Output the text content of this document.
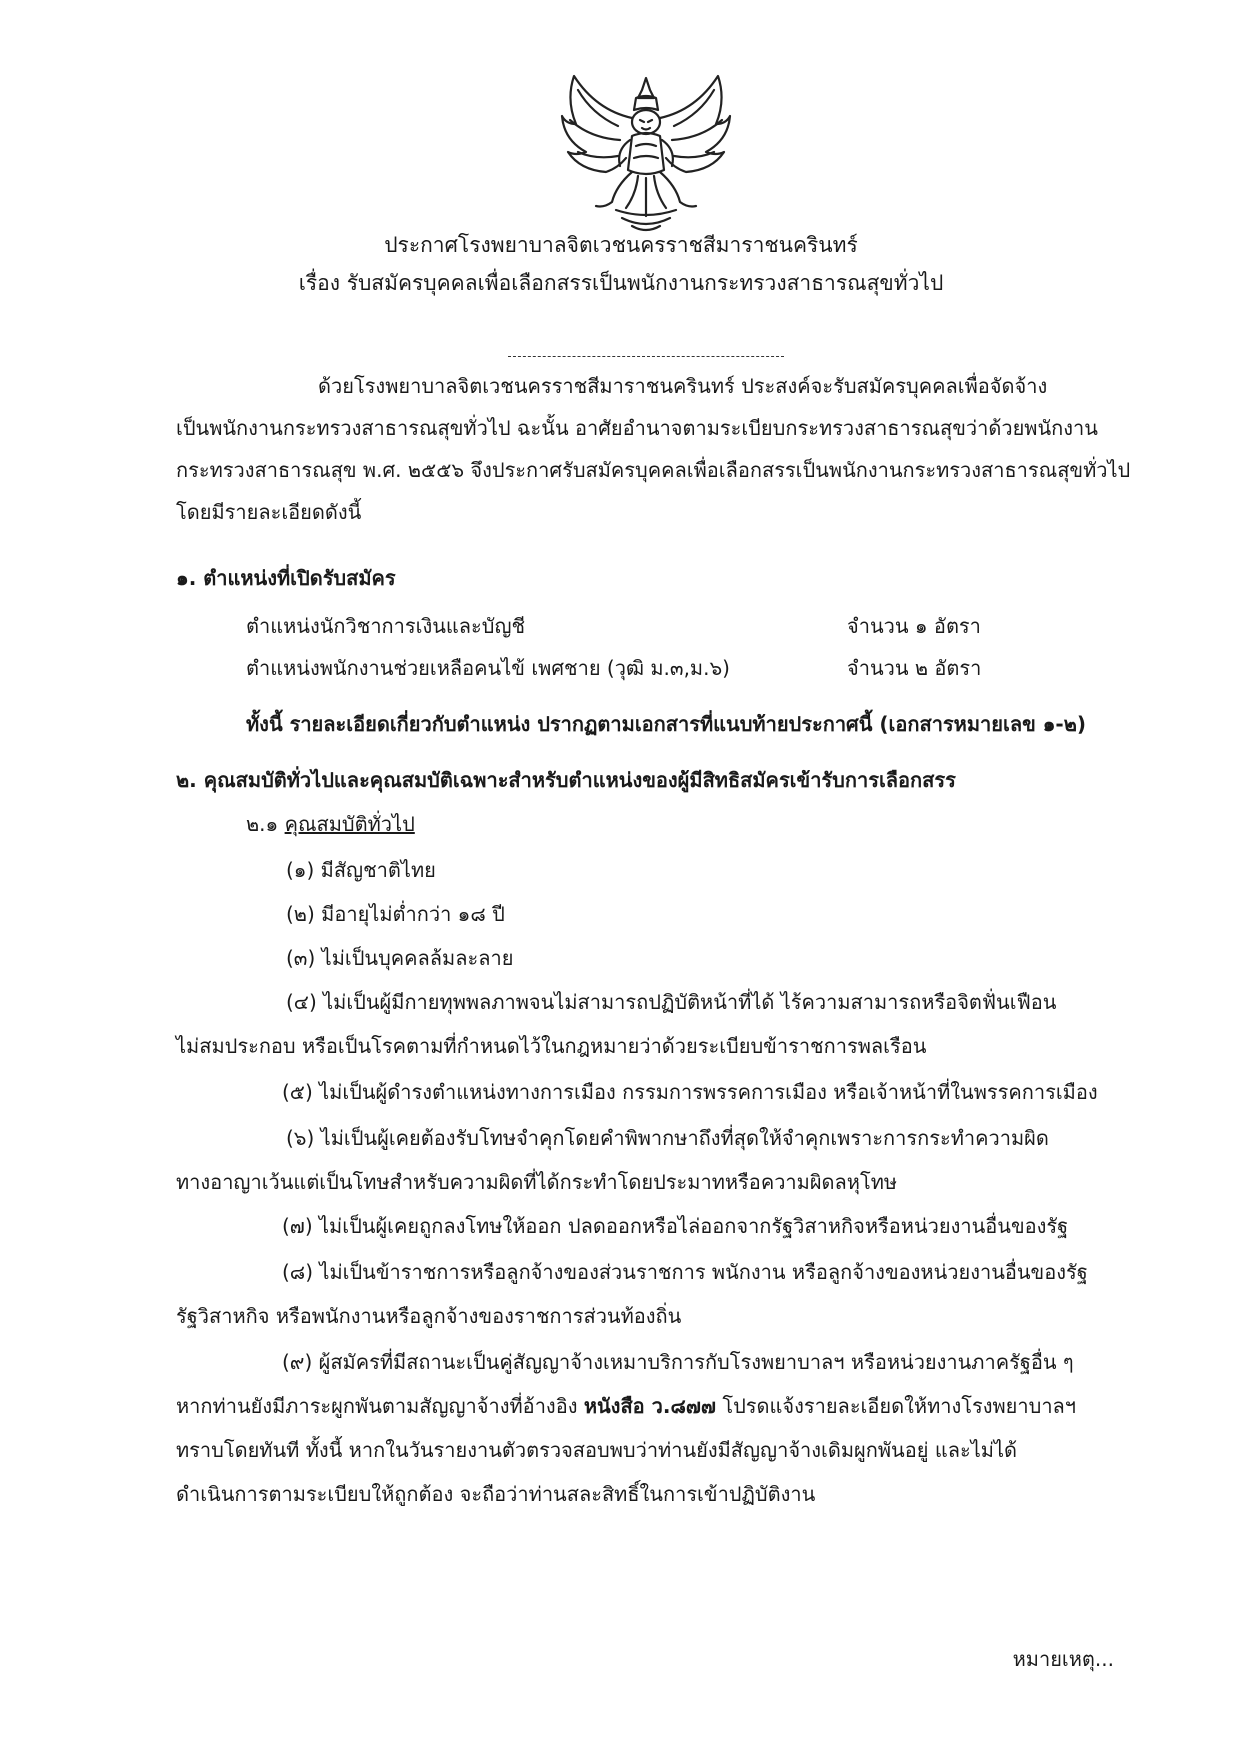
ประกาศโรงพยาบาลจิตเวชนครราชสีมาราชนครินทร์
เรื่อง รับสมัครบุคคลเพื่อเลือกสรรเป็นพนักงานกระทรวงสาธารณสุขทั่วไป
ด้วยโรงพยาบาลจิตเวชนครราชสีมาราชนครินทร์ ประสงค์จะรับสมัครบุคคลเพื่อจัดจ้าง
เป็นพนักงานกระทรวงสาธารณสุขทั่วไป ฉะนั้น อาศัยอำนาจตามระเบียบกระทรวงสาธารณสุขว่าด้วยพนักงาน
กระทรวงสาธารณสุข พ.ศ. ๒๕๕๖ จึงประกาศรับสมัครบุคคลเพื่อเลือกสรรเป็นพนักงานกระทรวงสาธารณสุขทั่วไป
โดยมีรายละเอียดดังนี้
๑. ตำแหน่งที่เปิดรับสมัคร
ตำแหน่งนักวิชาการเงินและบัญชี	จำนวน ๑ อัตรา
ตำแหน่งพนักงานช่วยเหลือคนไข้ เพศชาย (วุฒิ ม.๓,ม.๖)	จำนวน ๒ อัตรา
ทั้งนี้ รายละเอียดเกี่ยวกับตำแหน่ง ปรากฏตามเอกสารที่แนบท้ายประกาศนี้ (เอกสารหมายเลข ๑-๒)
๒. คุณสมบัติทั่วไปและคุณสมบัติเฉพาะสำหรับตำแหน่งของผู้มีสิทธิสมัครเข้ารับการเลือกสรร
๒.๑ คุณสมบัติทั่วไป
(๑) มีสัญชาติไทย
(๒) มีอายุไม่ต่ำกว่า ๑๘ ปี
(๓) ไม่เป็นบุคคลล้มละลาย
(๔) ไม่เป็นผู้มีกายทุพพลภาพจนไม่สามารถปฏิบัติหน้าที่ได้ ไร้ความสามารถหรือจิตฟั่นเฟือน
ไม่สมประกอบ หรือเป็นโรคตามที่กำหนดไว้ในกฎหมายว่าด้วยระเบียบข้าราชการพลเรือน
(๕) ไม่เป็นผู้ดำรงตำแหน่งทางการเมือง กรรมการพรรคการเมือง หรือเจ้าหน้าที่ในพรรคการเมือง
(๖) ไม่เป็นผู้เคยต้องรับโทษจำคุกโดยคำพิพากษาถึงที่สุดให้จำคุกเพราะการกระทำความผิด
ทางอาญาเว้นแต่เป็นโทษสำหรับความผิดที่ได้กระทำโดยประมาทหรือความผิดลหุโทษ
(๗) ไม่เป็นผู้เคยถูกลงโทษให้ออก ปลดออกหรือไล่ออกจากรัฐวิสาหกิจหรือหน่วยงานอื่นของรัฐ
(๘) ไม่เป็นข้าราชการหรือลูกจ้างของส่วนราชการ พนักงาน หรือลูกจ้างของหน่วยงานอื่นของรัฐ
รัฐวิสาหกิจ หรือพนักงานหรือลูกจ้างของราชการส่วนท้องถิ่น
(๙) ผู้สมัครที่มีสถานะเป็นคู่สัญญาจ้างเหมาบริการกับโรงพยาบาลฯ หรือหน่วยงานภาครัฐอื่น ๆ
หากท่านยังมีภาระผูกพันตามสัญญาจ้างที่อ้างอิง หนังสือ ว.๘๗๗ โปรดแจ้งรายละเอียดให้ทางโรงพยาบาลฯ
ทราบโดยทันที ทั้งนี้ หากในวันรายงานตัวตรวจสอบพบว่าท่านยังมีสัญญาจ้างเดิมผูกพันอยู่ และไม่ได้
ดำเนินการตามระเบียบให้ถูกต้อง จะถือว่าท่านสละสิทธิ์ในการเข้าปฏิบัติงาน
หมายเหตุ...
